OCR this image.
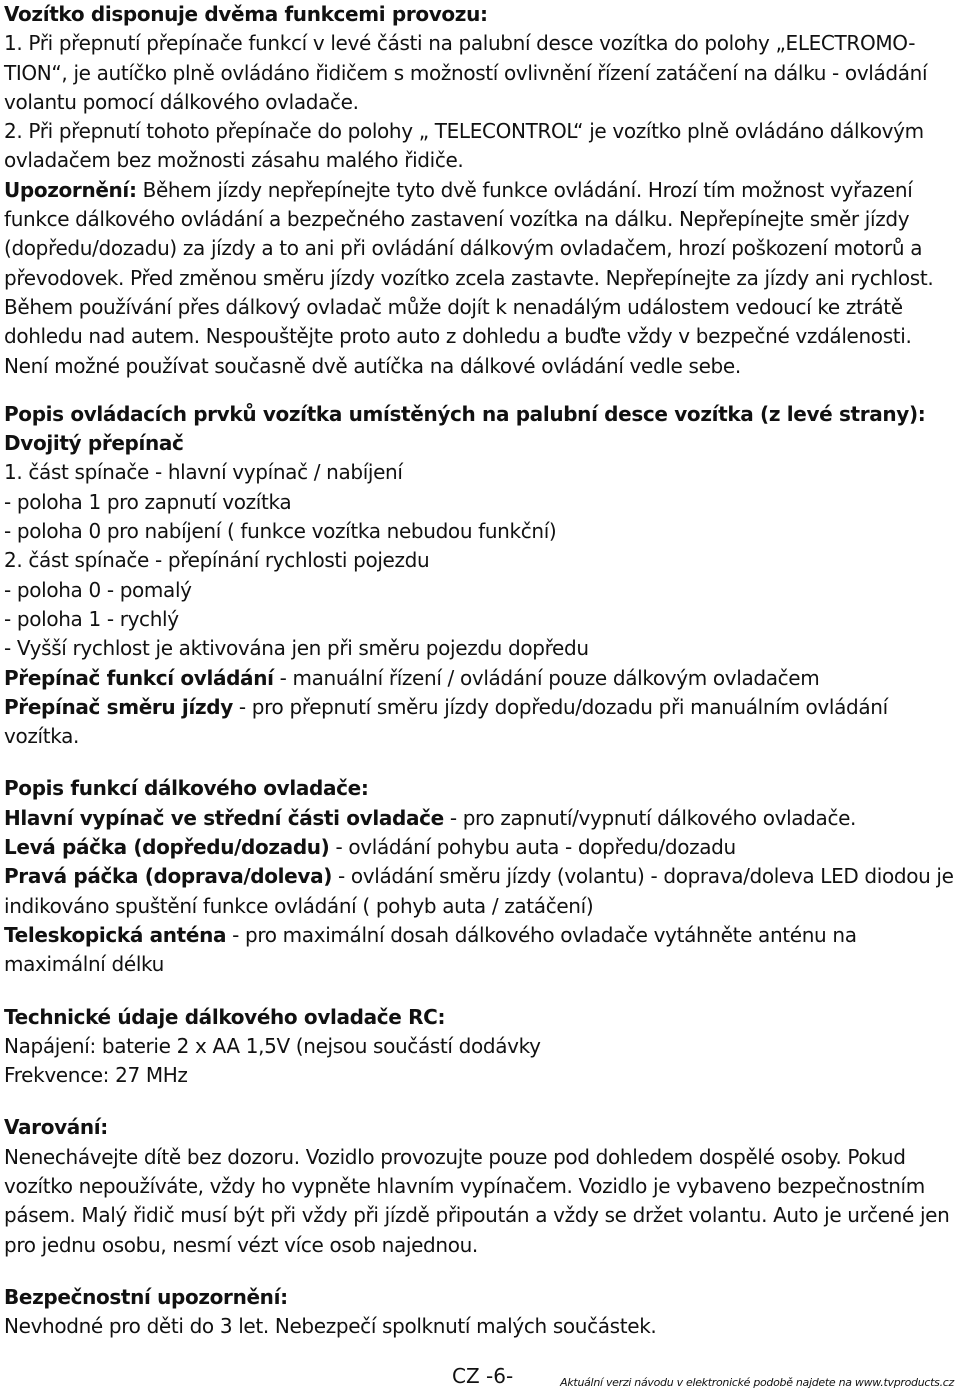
Vozítko disponuje dvěma funkcemi provozu:

1. Při přepnutí přepínače funkcí v levé části na palubní desce vozítka do polohy „ELECTROMO-TION“, je autíčko plně ovládáno řidičem s možností ovlivnění řízení zatáčení na dálku - ovládání volantu pomocí dálkového ovladače.

2. Při přepnutí tohoto přepínače do polohy „ TELECONTROL“ je vozítko plně ovládáno dálkovým ovladačem bez možnosti zásahu malého řidiče.

Upozornění: Během jízdy nepřepínejte tyto dvě funkce ovládání. Hrozí tím možnost vyřazení funkce dálkového ovládání a bezpečného zastavení vozítka na dálku. Nepřepínejte směr jízdy (dopředu/dozadu) za jízdy a to ani při ovládání dálkovým ovladačem, hrozí poškození motorů a převodovek. Před změnou směru jízdy vozítko zcela zastavte. Nepřepínejte za jízdy ani rychlost.

Během používání přes dálkový ovladač může dojít k nenadálým událostem vedoucí ke ztrátě dohledu nad autem. Nespouštějte proto auto z dohledu a buďte vždy v bezpečné vzdálenosti. Není možné používat současně dvě autíčka na dálkové ovládání vedle sebe.

Popis ovládacích prvků vozítka umístěných na palubní desce vozítka (z levé strany):

Dvojitý přepínač

1. část spínače - hlavní vypínač / nabíjení

- poloha 1 pro zapnutí vozítka

- poloha 0 pro nabíjení ( funkce vozítka nebudou funkční)

2. část spínače - přepínání rychlosti pojezdu

- poloha 0 - pomalý

- poloha 1 - rychlý

- Vyšší rychlost je aktivována jen při směru pojezdu dopředu

Přepínač funkcí ovládání - manuální řízení / ovládání pouze dálkovým ovladačem

Přepínač směru jízdy - pro přepnutí směru jízdy dopředu/dozadu při manuálním ovládání vozítka.

Popis funkcí dálkového ovladače:

Hlavní vypínač ve střední části ovladače - pro zapnutí/vypnutí dálkového ovladače.

Levá páčka (dopředu/dozadu) - ovládání pohybu auta - dopředu/dozadu

Pravá páčka (doprava/doleva) - ovládání směru jízdy (volantu) - doprava/doleva LED diodou je indikováno spuštění funkce ovládání ( pohyb auta / zatáčení)

Teleskopická anténa - pro maximální dosah dálkového ovladače vytáhněte anténu na maximální délku

Technické údaje dálkového ovladače RC:

Napájení: baterie 2 x AA 1,5V (nejsou součástí dodávky

Frekvence: 27 MHz

Varování:

Nenechávejte dítě bez dozoru. Vozidlo provozujte pouze pod dohledem dospělé osoby. Pokud vozítko nepoužíváte, vždy ho vypněte hlavním vypínačem. Vozidlo je vybaveno bezpečnostním pásem. Malý řidič musí být při vždy při jízdě připoután a vždy se držet volantu. Auto je určené jen pro jednu osobu, nesmí vézt více osob najednou.

Bezpečnostní upozornění:

Nevhodné pro děti do 3 let. Nebezpečí spolknutí malých součástek.

CZ -6-	Aktuální verzi návodu v elektronické podobě najdete na www.tvproducts.cz
